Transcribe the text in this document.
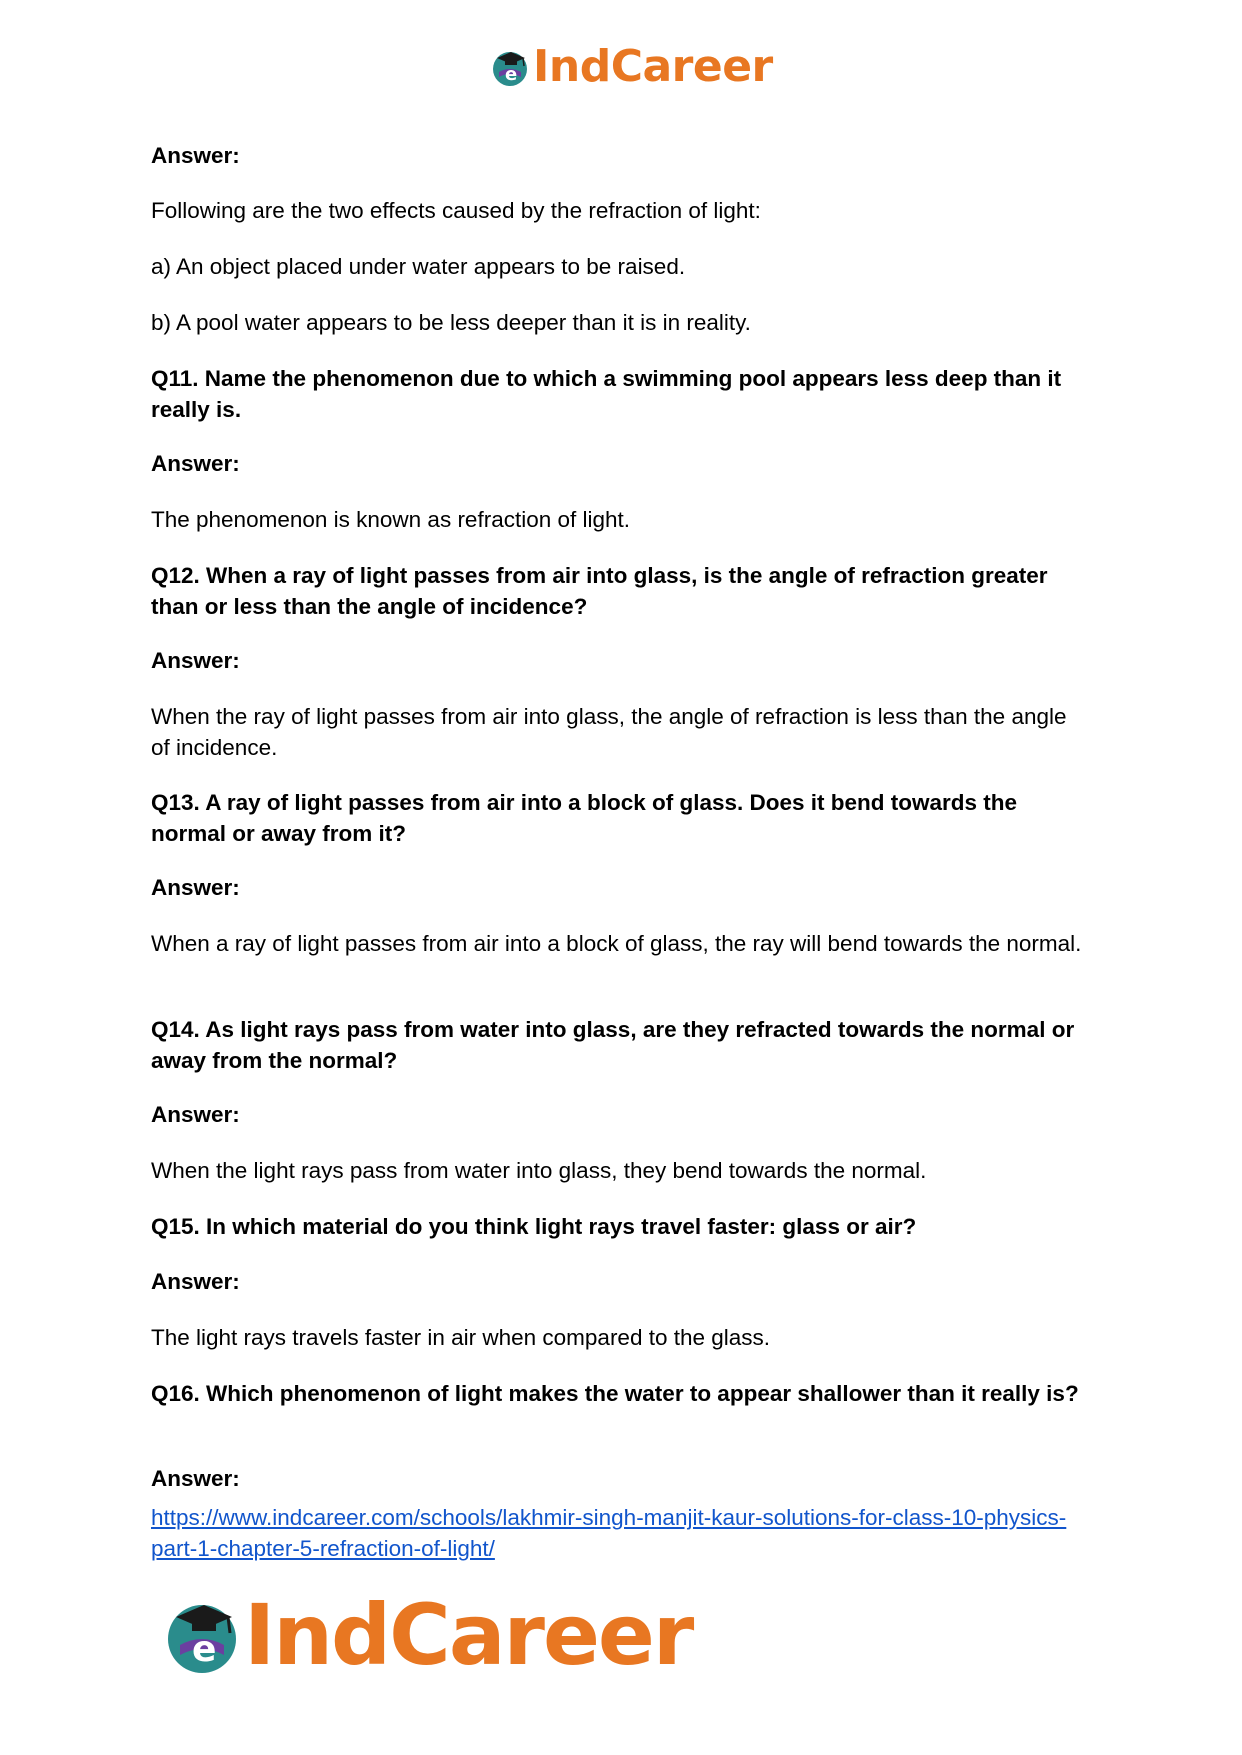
e IndCareer

Answer:

Following are the two effects caused by the refraction of light:

a) An object placed under water appears to be raised.

b) A pool water appears to be less deeper than it is in reality.

Q11. Name the phenomenon due to which a swimming pool appears less deep than it really is.

Answer:

The phenomenon is known as refraction of light.

Q12. When a ray of light passes from air into glass, is the angle of refraction greater than or less than the angle of incidence?

Answer:

When the ray of light passes from air into glass, the angle of refraction is less than the angle of incidence.

Q13. A ray of light passes from air into a block of glass. Does it bend towards the normal or away from it?

Answer:

When a ray of light passes from air into a block of glass, the ray will bend towards the normal.

Q14. As light rays pass from water into glass, are they refracted towards the normal or away from the normal?

Answer:

When the light rays pass from water into glass, they bend towards the normal.

Q15. In which material do you think light rays travel faster: glass or air?

Answer:

The light rays travels faster in air when compared to the glass.

Q16. Which phenomenon of light makes the water to appear shallower than it really is?

Answer:

https://www.indcareer.com/schools/lakhmir-singh-manjit-kaur-solutions-for-class-10-physics-
part-1-chapter-5-refraction-of-light/
e IndCareer
